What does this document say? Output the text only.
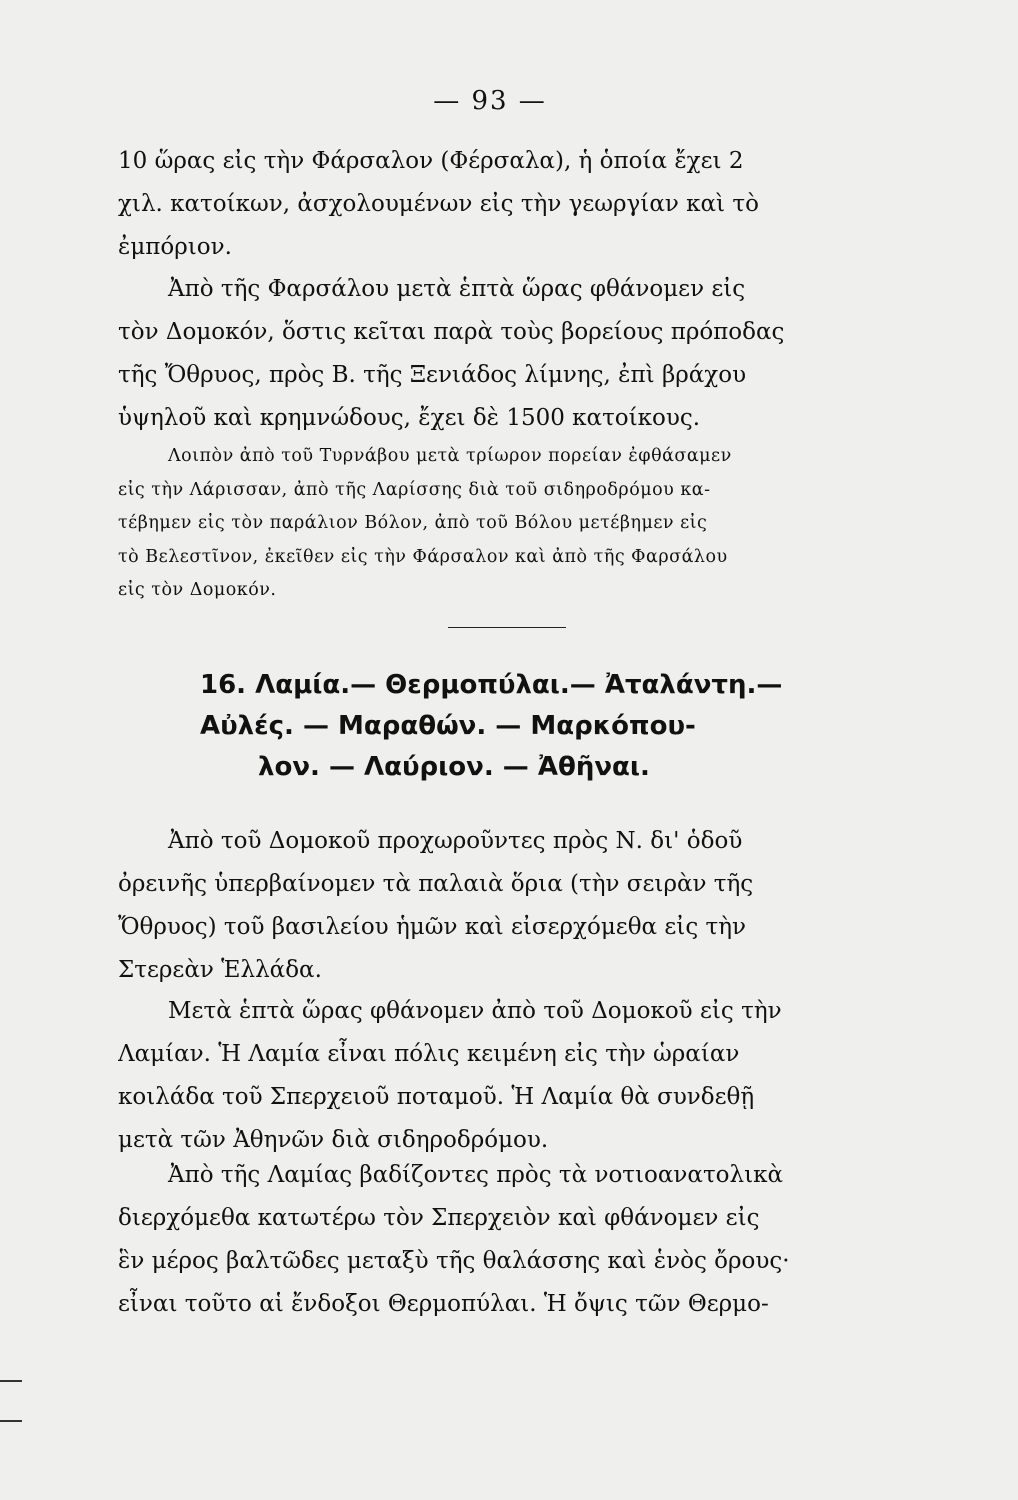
— 93 —
10 ὥρας εἰς τὴν Φάρσαλον (Φέρσαλα), ἡ ὁποία ἔχει 2
χιλ. κατοίκων, ἀσχολουμένων εἰς τὴν γεωργίαν καὶ τὸ
ἐμπόριον.
Ἀπὸ τῆς Φαρσάλου μετὰ ἑπτὰ ὥρας φθάνομεν εἰς
τὸν Δομοκόν, ὅστις κεῖται παρὰ τοὺς βορείους πρόποδας
τῆς Ὄθρυος, πρὸς Β. τῆς Ξενιάδος λίμνης, ἐπὶ βράχου
ὑψηλοῦ καὶ κρημνώδους, ἔχει δὲ 1500 κατοίκους.
Λοιπὸν ἀπὸ τοῦ Τυρνάβου μετὰ τρίωρον πορείαν ἐφθάσαμεν
εἰς τὴν Λάρισσαν, ἀπὸ τῆς Λαρίσσης διὰ τοῦ σιδηροδρόμου κα-
τέβημεν εἰς τὸν παράλιον Βόλον, ἀπὸ τοῦ Βόλου μετέβημεν εἰς
τὸ Βελεστῖνον, ἐκεῖθεν εἰς τὴν Φάρσαλον καὶ ἀπὸ τῆς Φαρσάλου
εἰς τὸν Δομοκόν.
16. Λαμία.— Θερμοπύλαι.— Ἀταλάντη.—
Αὐλές. — Μαραθών. — Μαρκόπου-
λον. — Λαύριον. — Ἀθῆναι.
Ἀπὸ τοῦ Δομοκοῦ προχωροῦντες πρὸς Ν. δι' ὁδοῦ
ὀρεινῆς ὑπερβαίνομεν τὰ παλαιὰ ὅρια (τὴν σειρὰν τῆς
Ὄθρυος) τοῦ βασιλείου ἡμῶν καὶ εἰσερχόμεθα εἰς τὴν
Στερεὰν Ἑλλάδα.
Μετὰ ἑπτὰ ὥρας φθάνομεν ἀπὸ τοῦ Δομοκοῦ εἰς τὴν
Λαμίαν. Ἡ Λαμία εἶναι πόλις κειμένη εἰς τὴν ὡραίαν
κοιλάδα τοῦ Σπερχειοῦ ποταμοῦ. Ἡ Λαμία θὰ συνδεθῇ
μετὰ τῶν Ἀθηνῶν διὰ σιδηροδρόμου.
Ἀπὸ τῆς Λαμίας βαδίζοντες πρὸς τὰ νοτιοανατολικὰ
διερχόμεθα κατωτέρω τὸν Σπερχειὸν καὶ φθάνομεν εἰς
ἓν μέρος βαλτῶδες μεταξὺ τῆς θαλάσσης καὶ ἑνὸς ὄρους·
εἶναι τοῦτο αἱ ἔνδοξοι Θερμοπύλαι. Ἡ ὄψις τῶν Θερμο-
